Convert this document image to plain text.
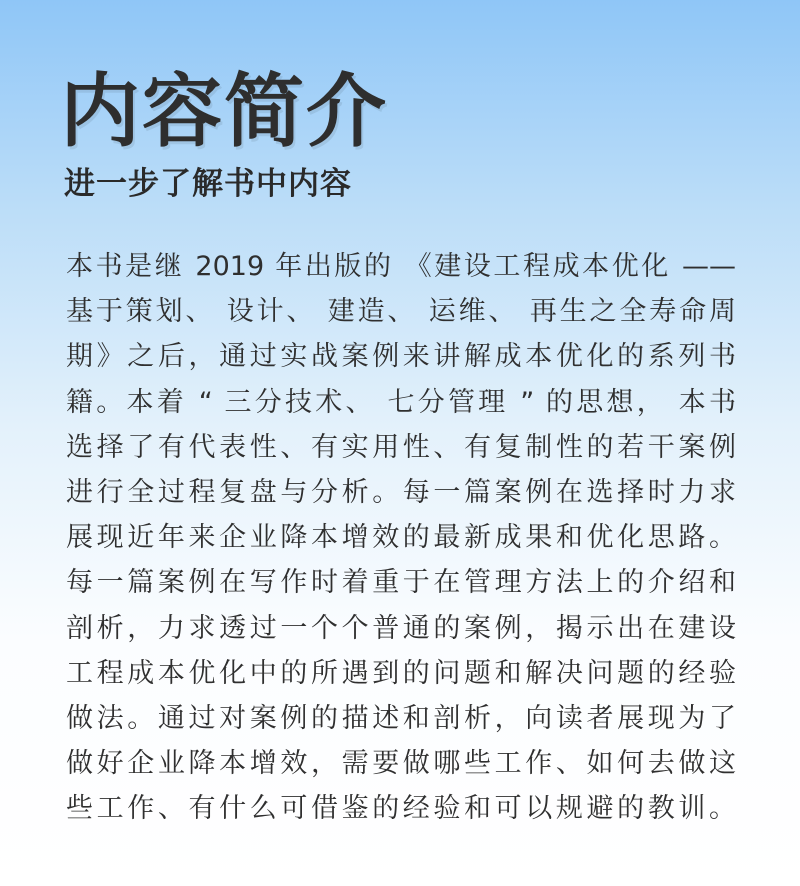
内容简介
进一步了解书中内容
本书是继 2019 年出版的 《建设工程成本优化 ——
基于策划、 设计、 建造、 运维、 再生之全寿命周
期》之后，通过实战案例来讲解成本优化的系列书
籍。本着 “ 三分技术、 七分管理 ” 的思想， 本书
选择了有代表性、有实用性、有复制性的若干案例
进行全过程复盘与分析。每一篇案例在选择时力求
展现近年来企业降本增效的最新成果和优化思路。
每一篇案例在写作时着重于在管理方法上的介绍和
剖析，力求透过一个个普通的案例，揭示出在建设
工程成本优化中的所遇到的问题和解决问题的经验
做法。通过对案例的描述和剖析，向读者展现为了
做好企业降本增效，需要做哪些工作、如何去做这
些工作、有什么可借鉴的经验和可以规避的教训。
